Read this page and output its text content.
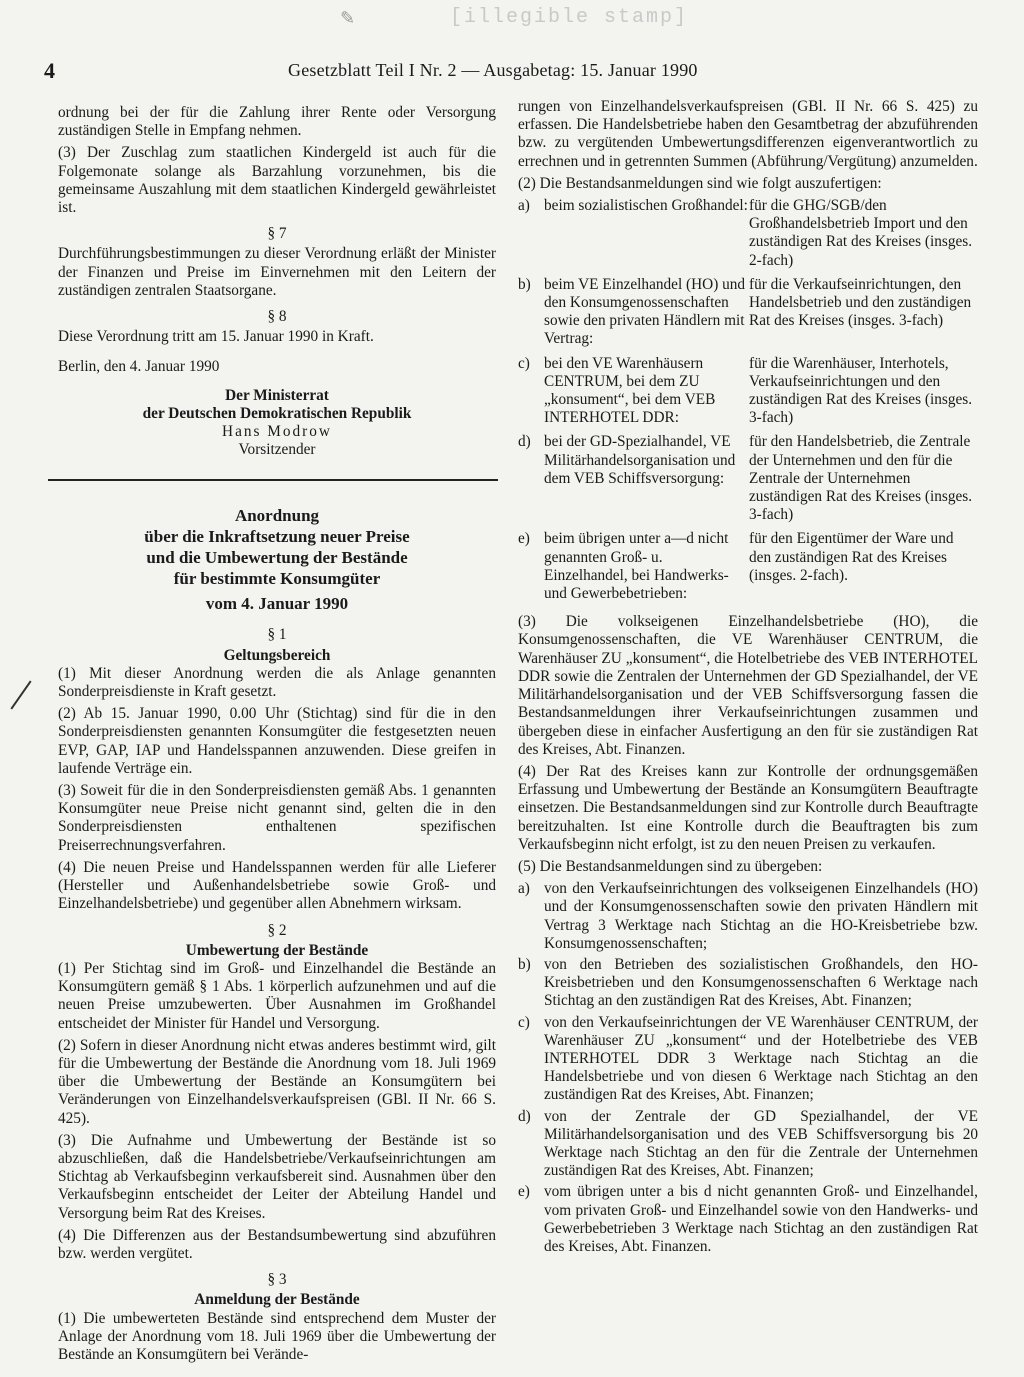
✎	[illegible stamp]
4	Gesetzblatt Teil I Nr. 2 — Ausgabetag: 15. Januar 1990

ordnung bei der für die Zahlung ihrer Rente oder Versorgung zuständigen Stelle in Empfang nehmen.

(3) Der Zuschlag zum staatlichen Kindergeld ist auch für die Folgemonate solange als Barzahlung vorzunehmen, bis die gemeinsame Auszahlung mit dem staatlichen Kindergeld gewährleistet ist.

§ 7

Durchführungsbestimmungen zu dieser Verordnung erläßt der Minister der Finanzen und Preise im Einvernehmen mit den Leitern der zuständigen zentralen Staatsorgane.

§ 8

Diese Verordnung tritt am 15. Januar 1990 in Kraft.

Berlin, den 4. Januar 1990

Der Ministerrat
der Deutschen Demokratischen Republik
Hans Modrow
Vorsitzender
Anordnung
über die Inkraftsetzung neuer Preise
und die Umbewertung der Bestände
für bestimmte Konsumgüter
vom 4. Januar 1990
§ 1
Geltungsbereich

(1) Mit dieser Anordnung werden die als Anlage genannten Sonderpreisdienste in Kraft gesetzt.

(2) Ab 15. Januar 1990, 0.00 Uhr (Stichtag) sind für die in den Sonderpreisdiensten genannten Konsumgüter die festgesetzten neuen EVP, GAP, IAP und Handelsspannen anzuwenden. Diese greifen in laufende Verträge ein.

(3) Soweit für die in den Sonderpreisdiensten gemäß Abs. 1 genannten Konsumgüter neue Preise nicht genannt sind, gelten die in den Sonderpreisdiensten enthaltenen spezifischen Preiserrechnungsverfahren.

(4) Die neuen Preise und Handelsspannen werden für alle Lieferer (Hersteller und Außenhandelsbetriebe sowie Groß- und Einzelhandelsbetriebe) und gegenüber allen Abnehmern wirksam.

§ 2
Umbewertung der Bestände

(1) Per Stichtag sind im Groß- und Einzelhandel die Bestände an Konsumgütern gemäß § 1 Abs. 1 körperlich aufzunehmen und auf die neuen Preise umzubewerten. Über Ausnahmen im Großhandel entscheidet der Minister für Handel und Versorgung.

(2) Sofern in dieser Anordnung nicht etwas anderes bestimmt wird, gilt für die Umbewertung der Bestände die Anordnung vom 18. Juli 1969 über die Umbewertung der Bestände an Konsumgütern bei Veränderungen von Einzelhandelsverkaufspreisen (GBl. II Nr. 66 S. 425).

(3) Die Aufnahme und Umbewertung der Bestände ist so abzuschließen, daß die Handelsbetriebe/Verkaufseinrichtungen am Stichtag ab Verkaufsbeginn verkaufsbereit sind. Ausnahmen über den Verkaufsbeginn entscheidet der Leiter der Abteilung Handel und Versorgung beim Rat des Kreises.

(4) Die Differenzen aus der Bestandsumbewertung sind abzuführen bzw. werden vergütet.

§ 3
Anmeldung der Bestände

(1) Die umbewerteten Bestände sind entsprechend dem Muster der Anlage der Anordnung vom 18. Juli 1969 über die Umbewertung der Bestände an Konsumgütern bei Verände-

rungen von Einzelhandelsverkaufspreisen (GBl. II Nr. 66 S. 425) zu erfassen. Die Handelsbetriebe haben den Gesamtbetrag der abzuführenden bzw. zu vergütenden Umbewertungsdifferenzen eigenverantwortlich zu errechnen und in getrennten Summen (Abführung/Vergütung) anzumelden.

(2) Die Bestandsanmeldungen sind wie folgt auszufertigen:

a) beim sozialistischen Großhandel: für die GHG/SGB/den Großhandelsbetrieb Import und den zuständigen Rat des Kreises (insges. 2-fach)
b) beim VE Einzelhandel (HO) und den Konsumgenossenschaften sowie den privaten Händlern mit Vertrag:
für die Verkaufseinrichtungen, den Handelsbetrieb und den zuständigen Rat des Kreises (insges. 3-fach)
c) bei den VE Warenhäusern CENTRUM, bei dem ZU „konsument“, bei dem VEB INTERHOTEL DDR:
für die Warenhäuser, Interhotels, Verkaufseinrichtungen und den zuständigen Rat des Kreises (insges. 3-fach)
d) bei der GD-Spezialhandel, VE Militärhandelsorganisation und dem VEB Schiffsversorgung:
für den Handelsbetrieb, die Zentrale der Unternehmen und den für die Zentrale der Unternehmen zuständigen Rat des Kreises (insges. 3-fach)
e) beim übrigen unter a—d nicht genannten Groß- u. Einzelhandel, bei Handwerks- und Gewerbebetrieben:
für den Eigentümer der Ware und den zuständigen Rat des Kreises (insges. 2-fach).

(3) Die volkseigenen Einzelhandelsbetriebe (HO), die Konsumgenossenschaften, die VE Warenhäuser CENTRUM, die Warenhäuser ZU „konsument“, die Hotelbetriebe des VEB INTERHOTEL DDR sowie die Zentralen der Unternehmen der GD Spezialhandel, der VE Militärhandelsorganisation und der VEB Schiffsversorgung fassen die Bestandsanmeldungen ihrer Verkaufseinrichtungen zusammen und übergeben diese in einfacher Ausfertigung an den für sie zuständigen Rat des Kreises, Abt. Finanzen.

(4) Der Rat des Kreises kann zur Kontrolle der ordnungsgemäßen Erfassung und Umbewertung der Bestände an Konsumgütern Beauftragte einsetzen. Die Bestandsanmeldungen sind zur Kontrolle durch Beauftragte bereitzuhalten. Ist eine Kontrolle durch die Beauftragten bis zum Verkaufsbeginn nicht erfolgt, ist zu den neuen Preisen zu verkaufen.

(5) Die Bestandsanmeldungen sind zu übergeben:

a) von den Verkaufseinrichtungen des volkseigenen Einzelhandels (HO) und der Konsumgenossenschaften sowie den privaten Händlern mit Vertrag 3 Werktage nach Stichtag an die HO-Kreisbetriebe bzw. Konsumgenossenschaften;
b) von den Betrieben des sozialistischen Großhandels, den HO-Kreisbetrieben und den Konsumgenossenschaften 6 Werktage nach Stichtag an den zuständigen Rat des Kreises, Abt. Finanzen;
c) von den Verkaufseinrichtungen der VE Warenhäuser CENTRUM, der Warenhäuser ZU „konsument“ und der Hotelbetriebe des VEB INTERHOTEL DDR 3 Werktage nach Stichtag an die Handelsbetriebe und von diesen 6 Werktage nach Stichtag an den zuständigen Rat des Kreises, Abt. Finanzen;
d) von der Zentrale der GD Spezialhandel, der VE Militärhandelsorganisation und des VEB Schiffsversorgung bis 20 Werktage nach Stichtag an den für die Zentrale der Unternehmen zuständigen Rat des Kreises, Abt. Finanzen;
e) vom übrigen unter a bis d nicht genannten Groß- und Einzelhandel, vom privaten Groß- und Einzelhandel sowie von den Handwerks- und Gewerbebetrieben 3 Werktage nach Stichtag an den zuständigen Rat des Kreises, Abt. Finanzen.
